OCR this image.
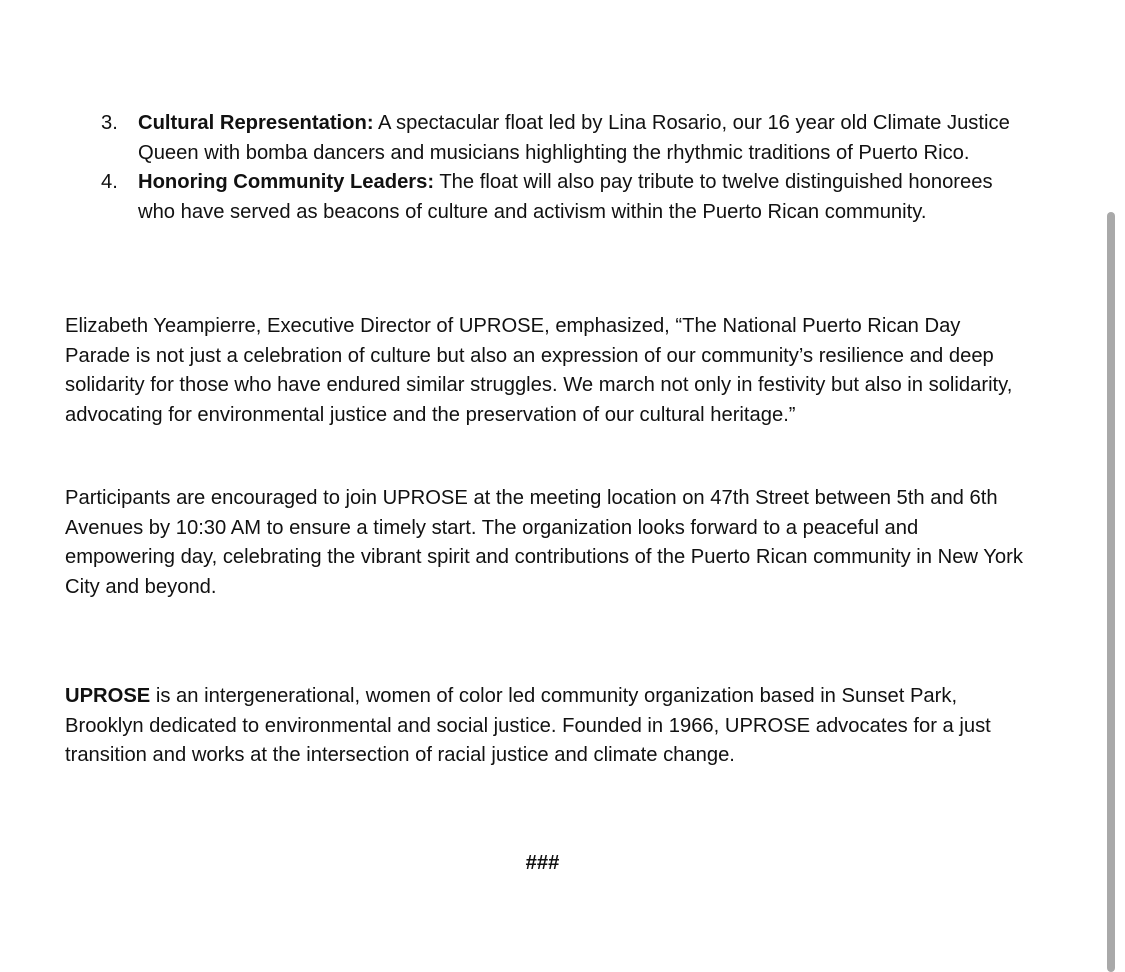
3. Cultural Representation: A spectacular float led by Lina Rosario, our 16 year old Climate Justice Queen with bomba dancers and musicians highlighting the rhythmic traditions of Puerto Rico.
4. Honoring Community Leaders: The float will also pay tribute to twelve distinguished honorees who have served as beacons of culture and activism within the Puerto Rican community.

Elizabeth Yeampierre, Executive Director of UPROSE, emphasized, “The National Puerto Rican Day Parade is not just a celebration of culture but also an expression of our community’s resilience and deep solidarity for those who have endured similar struggles. We march not only in festivity but also in solidarity, advocating for environmental justice and the preservation of our cultural heritage.”

Participants are encouraged to join UPROSE at the meeting location on 47th Street between 5th and 6th Avenues by 10:30 AM to ensure a timely start. The organization looks forward to a peaceful and empowering day, celebrating the vibrant spirit and contributions of the Puerto Rican community in New York City and beyond.

UPROSE is an intergenerational, women of color led community organization based in Sunset Park, Brooklyn dedicated to environmental and social justice. Founded in 1966, UPROSE advocates for a just transition and works at the intersection of racial justice and climate change.

###
